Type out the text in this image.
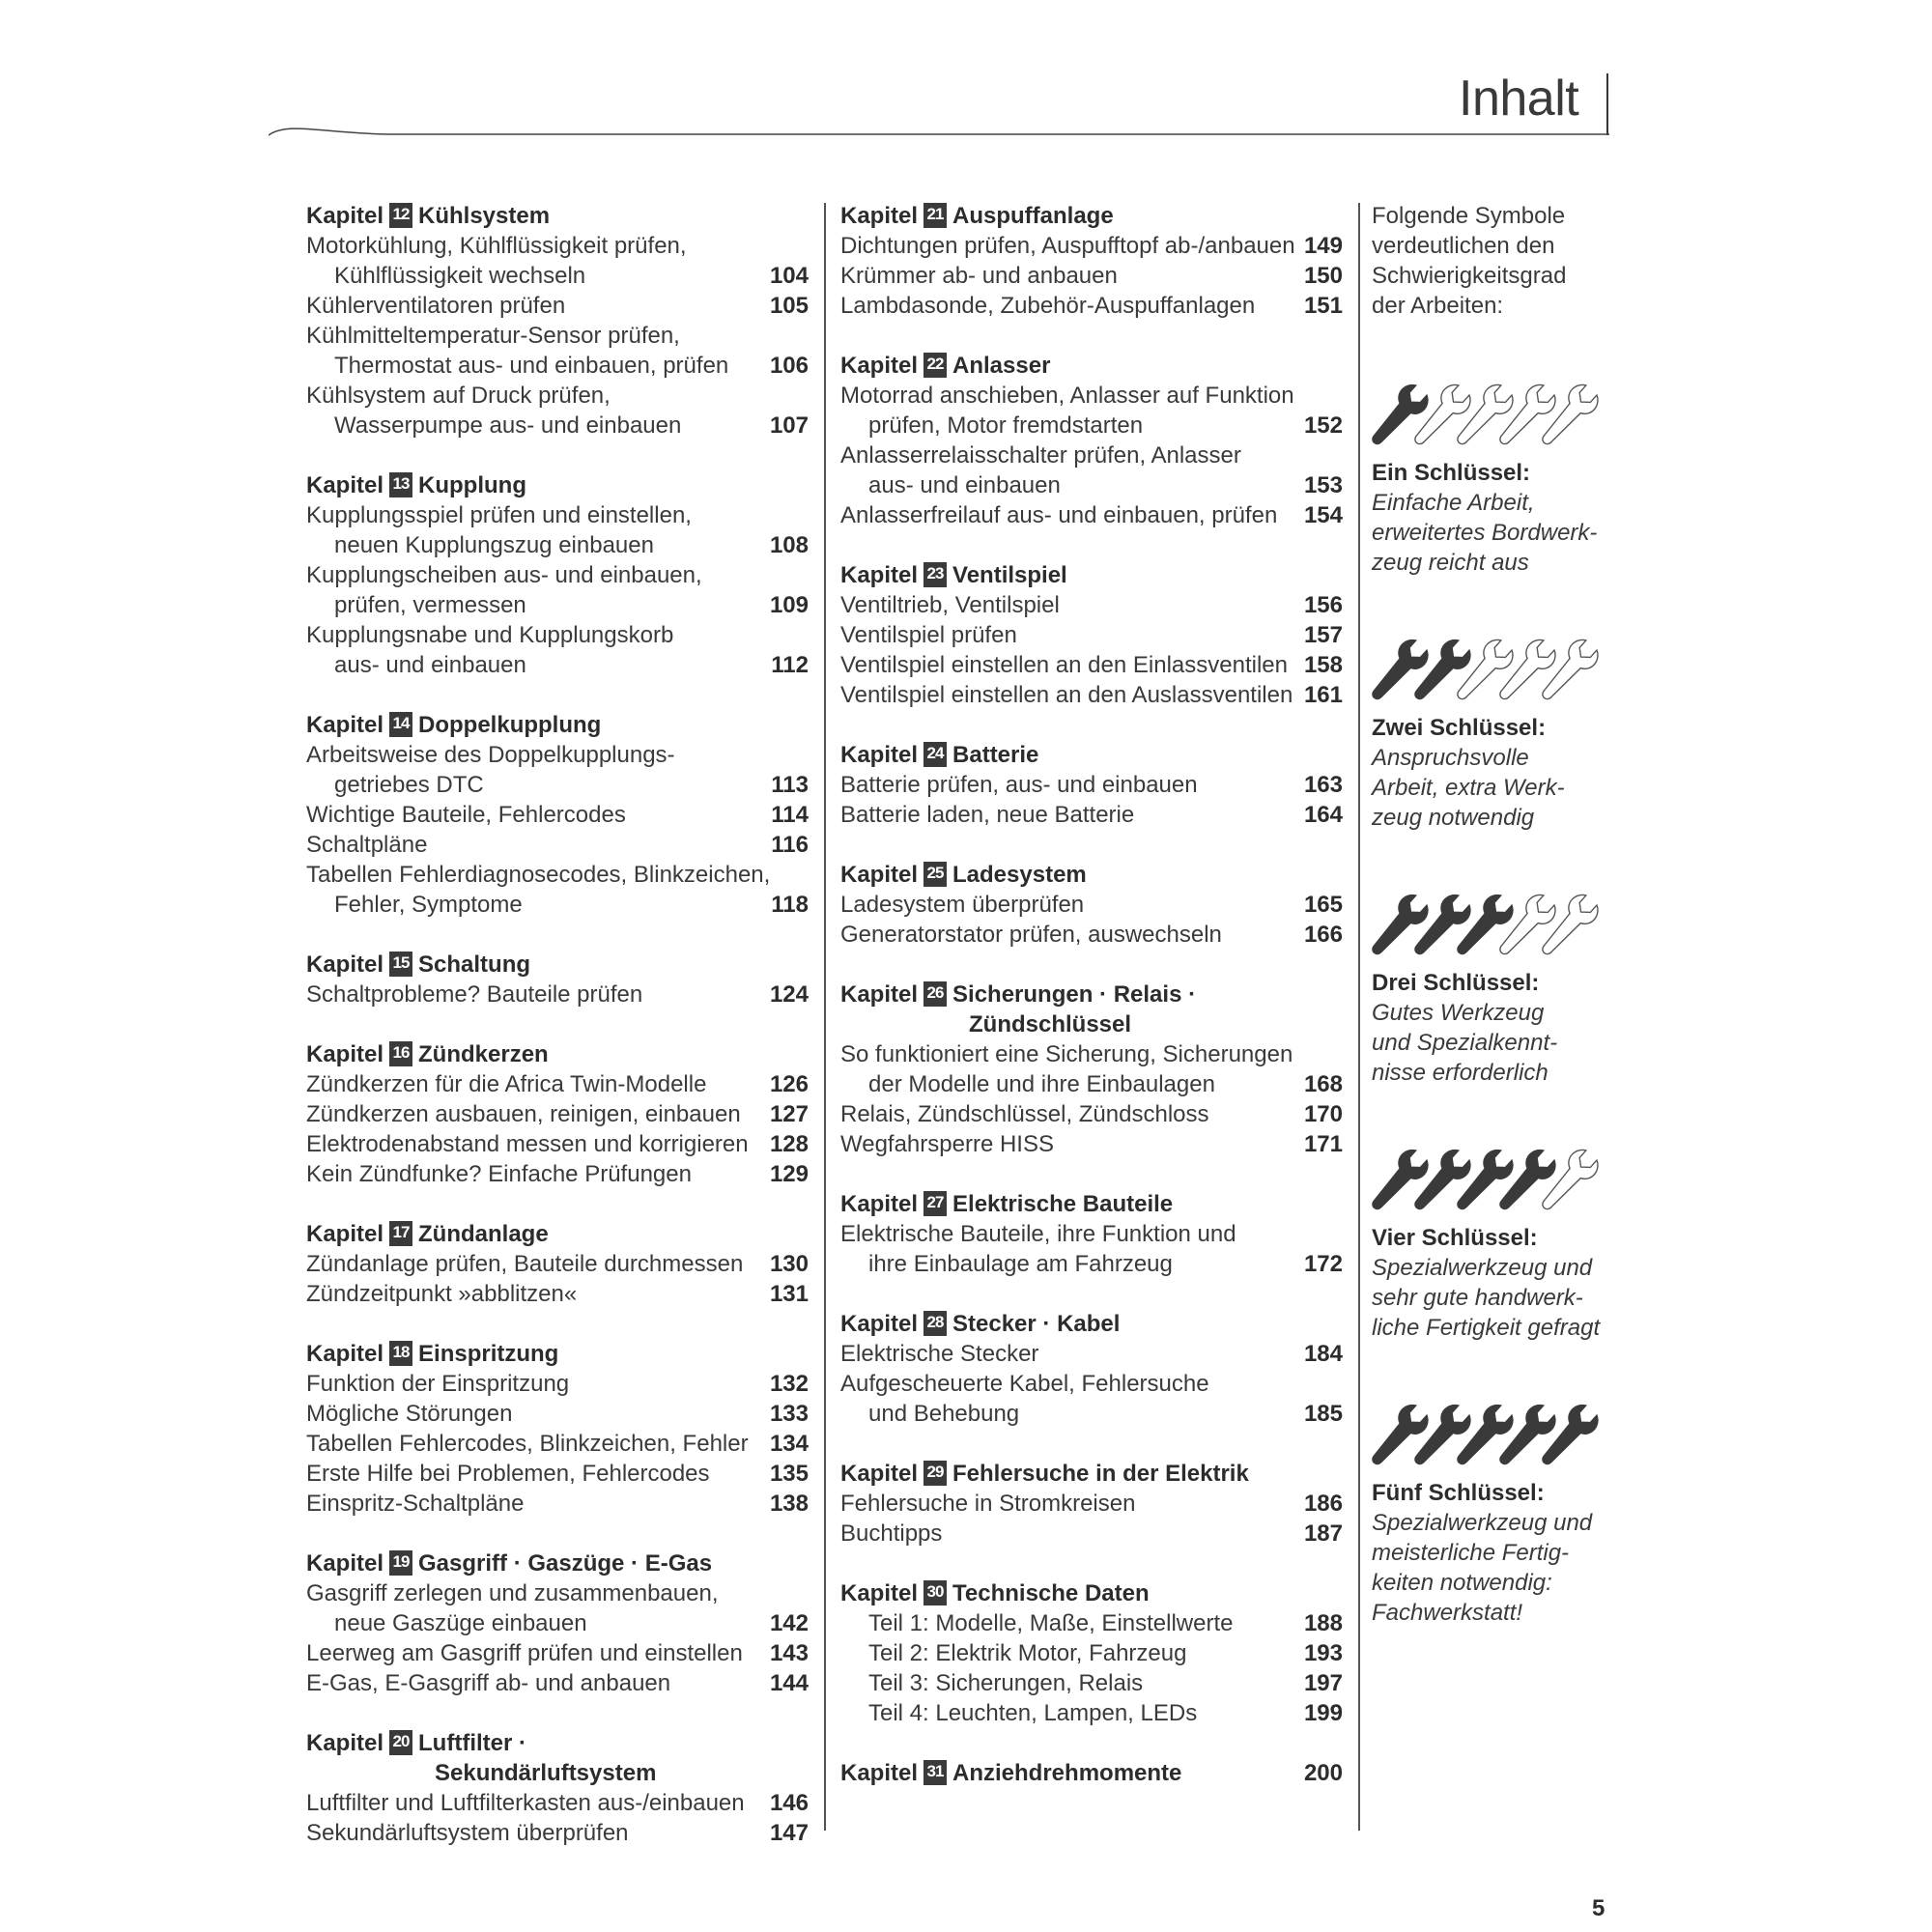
Inhalt
Kapitel 12 Kühlsystem
Motorkühlung, Kühlflüssigkeit prüfen,
Kühlflüssigkeit wechseln	104
Kühlerventilatoren prüfen	105
Kühlmitteltemperatur-Sensor prüfen,
Thermostat aus- und einbauen, prüfen	106
Kühlsystem auf Druck prüfen,
Wasserpumpe aus- und einbauen	107
Kapitel 13 Kupplung
Kupplungsspiel prüfen und einstellen,
neuen Kupplungszug einbauen	108
Kupplungscheiben aus- und einbauen,
prüfen, vermessen	109
Kupplungsnabe und Kupplungskorb
aus- und einbauen	112
Kapitel 14 Doppelkupplung
Arbeitsweise des Doppelkupplungs-
getriebes DTC	113
Wichtige Bauteile, Fehlercodes	114
Schaltpläne	116
Tabellen Fehlerdiagnosecodes, Blinkzeichen,
Fehler, Symptome	118
Kapitel 15 Schaltung
Schaltprobleme? Bauteile prüfen	124
Kapitel 16 Zündkerzen
Zündkerzen für die Africa Twin-Modelle	126
Zündkerzen ausbauen, reinigen, einbauen	127
Elektrodenabstand messen und korrigieren 128
Kein Zündfunke? Einfache Prüfungen	129
Kapitel 17 Zündanlage
Zündanlage prüfen, Bauteile durchmessen	130
Zündzeitpunkt »abblitzen«	131
Kapitel 18 Einspritzung
Funktion der Einspritzung	132
Mögliche Störungen	133
Tabellen Fehlercodes, Blinkzeichen, Fehler 134
Erste Hilfe bei Problemen, Fehlercodes	135
Einspritz-Schaltpläne	138
Kapitel 19 Gasgriff · Gaszüge · E-Gas
Gasgriff zerlegen und zusammenbauen,
neue Gaszüge einbauen	142
Leerweg am Gasgriff prüfen und einstellen	143
E-Gas, E-Gasgriff ab- und anbauen	144
Kapitel 20 Luftfilter ·
Sekundärluftsystem
Luftfilter und Luftfilterkasten aus-/einbauen	146
Sekundärluftsystem überprüfen	147
Kapitel 21 Auspuffanlage
Dichtungen prüfen, Auspufftopf ab-/anbauen 149
Krümmer ab- und anbauen	150
Lambdasonde, Zubehör-Auspuffanlagen	151
Kapitel 22 Anlasser
Motorrad anschieben, Anlasser auf Funktion
prüfen, Motor fremdstarten	152
Anlasserrelaisschalter prüfen, Anlasser
aus- und einbauen	153
Anlasserfreilauf aus- und einbauen, prüfen	154
Kapitel 23 Ventilspiel
Ventiltrieb, Ventilspiel	156
Ventilspiel prüfen	157
Ventilspiel einstellen an den Einlassventilen 158
Ventilspiel einstellen an den Auslassventilen 161
Kapitel 24 Batterie
Batterie prüfen, aus- und einbauen	163
Batterie laden, neue Batterie	164
Kapitel 25 Ladesystem
Ladesystem überprüfen	165
Generatorstator prüfen, auswechseln	166
Kapitel 26 Sicherungen · Relais ·
Zündschlüssel
So funktioniert eine Sicherung, Sicherungen
der Modelle und ihre Einbaulagen	168
Relais, Zündschlüssel, Zündschloss	170
Wegfahrsperre HISS	171
Kapitel 27 Elektrische Bauteile
Elektrische Bauteile, ihre Funktion und
ihre Einbaulage am Fahrzeug	172
Kapitel 28 Stecker · Kabel
Elektrische Stecker	184
Aufgescheuerte Kabel, Fehlersuche
und Behebung	185
Kapitel 29 Fehlersuche in der Elektrik
Fehlersuche in Stromkreisen	186
Buchtipps	187
Kapitel 30 Technische Daten
Teil 1: Modelle, Maße, Einstellwerte	188
Teil 2: Elektrik Motor, Fahrzeug	193
Teil 3: Sicherungen, Relais	197
Teil 4: Leuchten, Lampen, LEDs	199
Kapitel 31 Anziehdrehmomente	200
Folgende Symbole
verdeutlichen den
Schwierigkeitsgrad
der Arbeiten:
Ein Schlüssel:
Einfache Arbeit,
erweitertes Bordwerk-
zeug reicht aus
Zwei Schlüssel:
Anspruchsvolle
Arbeit, extra Werk-
zeug notwendig
Drei Schlüssel:
Gutes Werkzeug
und Spezialkennt-
nisse erforderlich
Vier Schlüssel:
Spezialwerkzeug und
sehr gute handwerk-
liche Fertigkeit gefragt
Fünf Schlüssel:
Spezialwerkzeug und
meisterliche Fertig-
keiten notwendig:
Fachwerkstatt!
5
